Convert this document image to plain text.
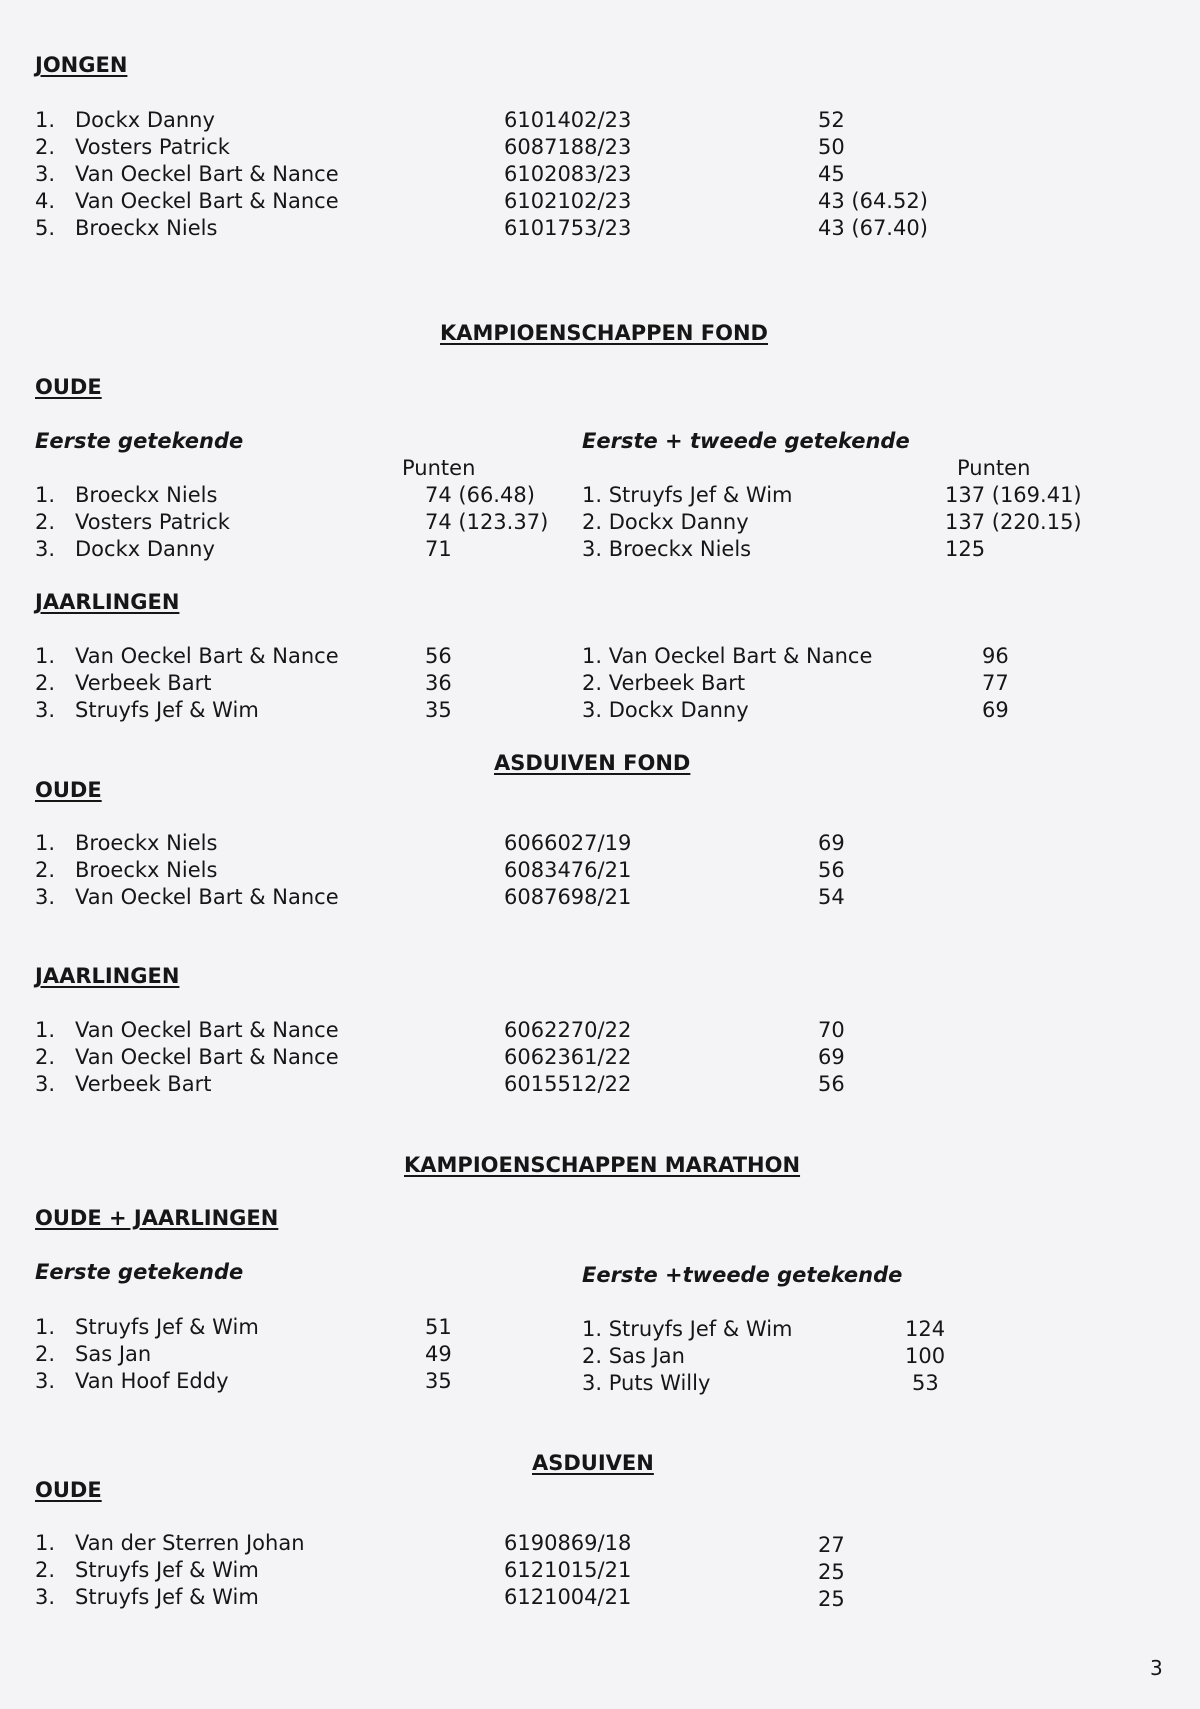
JONGEN
1. Dockx Danny	6101402/23	52
2. Vosters Patrick	6087188/23	50
3. Van Oeckel Bart & Nance	6102083/23	45
4. Van Oeckel Bart & Nance	6102102/23	43 (64.52)
5. Broeckx Niels	6101753/23	43 (67.40)
KAMPIOENSCHAPPEN FOND
OUDE
Eerste getekende	Eerste + tweede getekende
Punten	Punten
1. Broeckx Niels	74 (66.48) 1. Struyfs Jef & Wim	137 (169.41)
2. Vosters Patrick	74 (123.37) 2. Dockx Danny	137 (220.15)
3. Dockx Danny	71	3. Broeckx Niels	125
JAARLINGEN
1. Van Oeckel Bart & Nance	56	1. Van Oeckel Bart & Nance	96
2. Verbeek Bart	36	2. Verbeek Bart	77
3. Struyfs Jef & Wim	35	3. Dockx Danny	69
ASDUIVEN FOND
OUDE
1. Broeckx Niels	6066027/19	69
2. Broeckx Niels	6083476/21	56
3. Van Oeckel Bart & Nance	6087698/21	54
JAARLINGEN
1. Van Oeckel Bart & Nance	6062270/22	70
2. Van Oeckel Bart & Nance	6062361/22	69
3. Verbeek Bart	6015512/22	56
KAMPIOENSCHAPPEN MARATHON
OUDE + JAARLINGEN
Eerste getekende	Eerste +tweede getekende
1. Struyfs Jef & Wim	51	1. Struyfs Jef & Wim	124
2. Sas Jan	49	2. Sas Jan	100
3. Van Hoof Eddy	35	3. Puts Willy	53
ASDUIVEN
OUDE
1. Van der Sterren Johan	6190869/18	27
2. Struyfs Jef & Wim	6121015/21	25
3. Struyfs Jef & Wim	6121004/21	25
3
